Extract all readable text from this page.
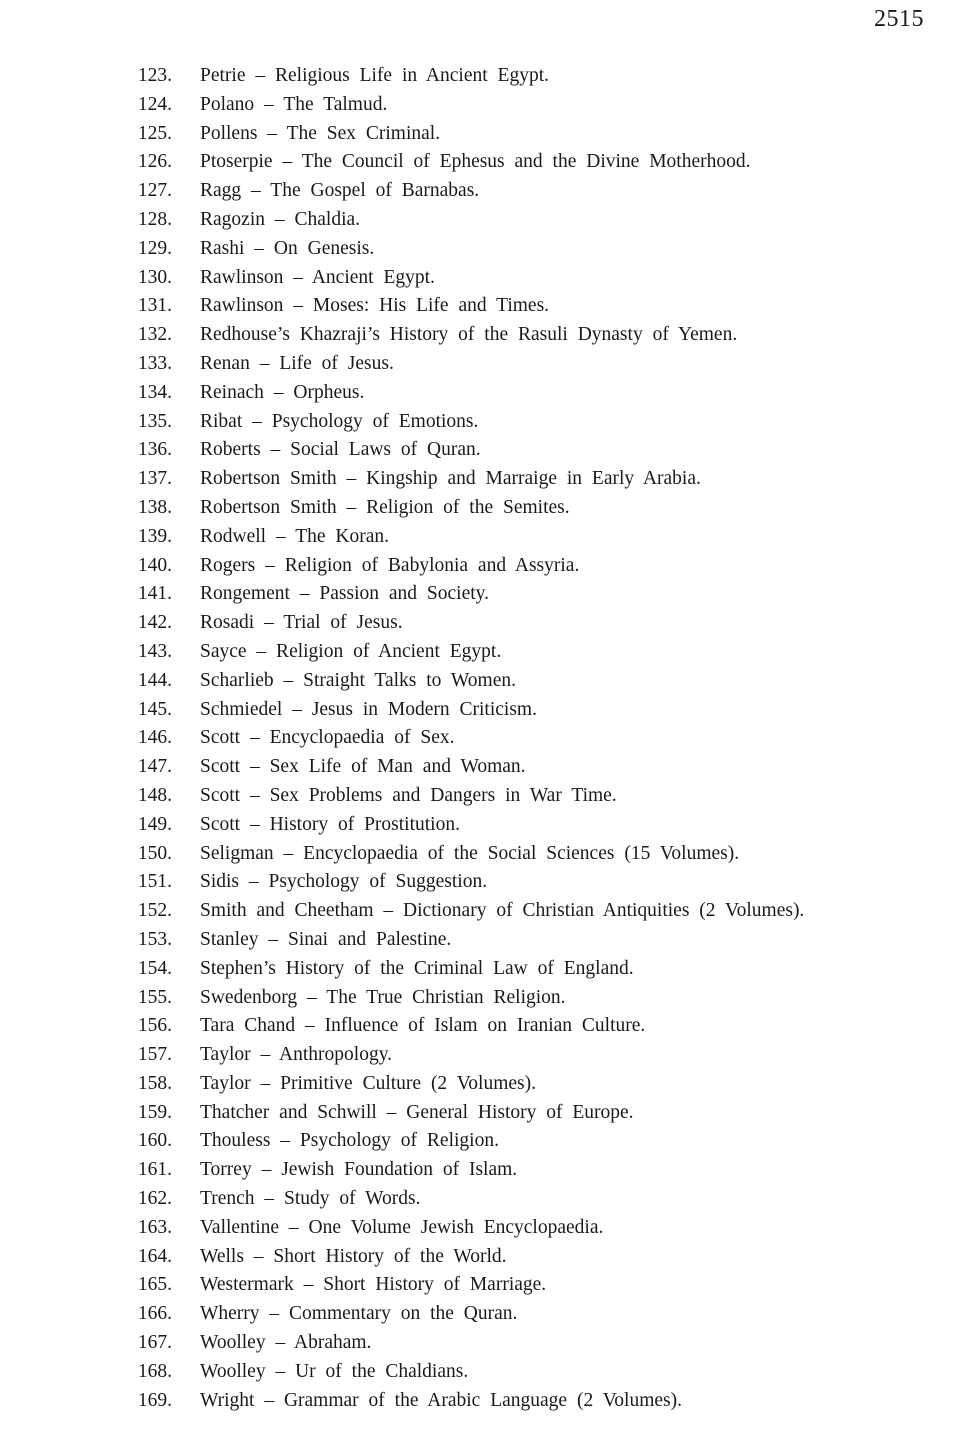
2515
123. Petrie – Religious Life in Ancient Egypt.
124. Polano – The Talmud.
125. Pollens – The Sex Criminal.
126. Ptoserpie – The Council of Ephesus and the Divine Motherhood.
127. Ragg – The Gospel of Barnabas.
128. Ragozin – Chaldia.
129. Rashi – On Genesis.
130. Rawlinson – Ancient Egypt.
131. Rawlinson – Moses: His Life and Times.
132. Redhouse’s Khazraji’s History of the Rasuli Dynasty of Yemen.
133. Renan – Life of Jesus.
134. Reinach – Orpheus.
135. Ribat – Psychology of Emotions.
136. Roberts – Social Laws of Quran.
137. Robertson Smith – Kingship and Marraige in Early Arabia.
138. Robertson Smith – Religion of the Semites.
139. Rodwell – The Koran.
140. Rogers – Religion of Babylonia and Assyria.
141. Rongement – Passion and Society.
142. Rosadi – Trial of Jesus.
143. Sayce – Religion of Ancient Egypt.
144. Scharlieb – Straight Talks to Women.
145. Schmiedel – Jesus in Modern Criticism.
146. Scott – Encyclopaedia of Sex.
147. Scott – Sex Life of Man and Woman.
148. Scott – Sex Problems and Dangers in War Time.
149. Scott – History of Prostitution.
150. Seligman – Encyclopaedia of the Social Sciences (15 Volumes).
151. Sidis – Psychology of Suggestion.
152. Smith and Cheetham – Dictionary of Christian Antiquities (2 Volumes).
153. Stanley – Sinai and Palestine.
154. Stephen’s History of the Criminal Law of England.
155. Swedenborg – The True Christian Religion.
156. Tara Chand – Influence of Islam on Iranian Culture.
157. Taylor – Anthropology.
158. Taylor – Primitive Culture (2 Volumes).
159. Thatcher and Schwill – General History of Europe.
160. Thouless – Psychology of Religion.
161. Torrey – Jewish Foundation of Islam.
162. Trench – Study of Words.
163. Vallentine – One Volume Jewish Encyclopaedia.
164. Wells – Short History of the World.
165. Westermark – Short History of Marriage.
166. Wherry – Commentary on the Quran.
167. Woolley – Abraham.
168. Woolley – Ur of the Chaldians.
169. Wright – Grammar of the Arabic Language (2 Volumes).
